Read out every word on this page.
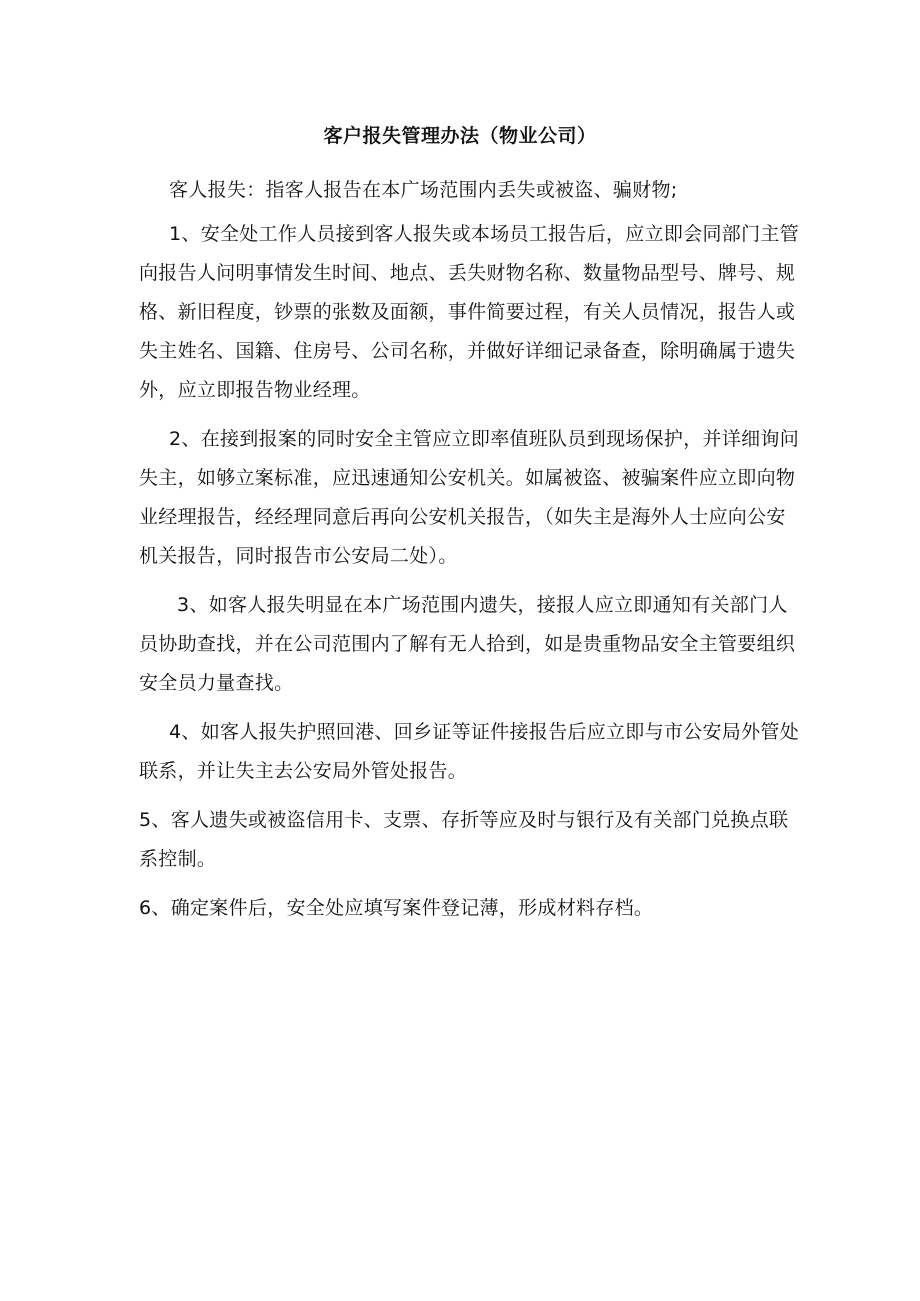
客户报失管理办法（物业公司）

客人报失：指客人报告在本广场范围内丢失或被盗、骗财物;

1、安全处工作人员接到客人报失或本场员工报告后，应立即会同部门主管向报告人问明事情发生时间、地点、丢失财物名称、数量物品型号、牌号、规格、新旧程度，钞票的张数及面额，事件简要过程，有关人员情况，报告人或失主姓名、国籍、住房号、公司名称，并做好详细记录备查，除明确属于遗失外，应立即报告物业经理。

2、在接到报案的同时安全主管应立即率值班队员到现场保护，并详细询问失主，如够立案标准，应迅速通知公安机关。如属被盗、被骗案件应立即向物业经理报告，经经理同意后再向公安机关报告，（如失主是海外人士应向公安机关报告，同时报告市公安局二处）。

3、如客人报失明显在本广场范围内遗失，接报人应立即通知有关部门人员协助查找，并在公司范围内了解有无人拾到，如是贵重物品安全主管要组织安全员力量查找。

4、如客人报失护照回港、回乡证等证件接报告后应立即与市公安局外管处联系，并让失主去公安局外管处报告。

5、客人遗失或被盗信用卡、支票、存折等应及时与银行及有关部门兑换点联系控制。

6、确定案件后，安全处应填写案件登记薄，形成材料存档。
